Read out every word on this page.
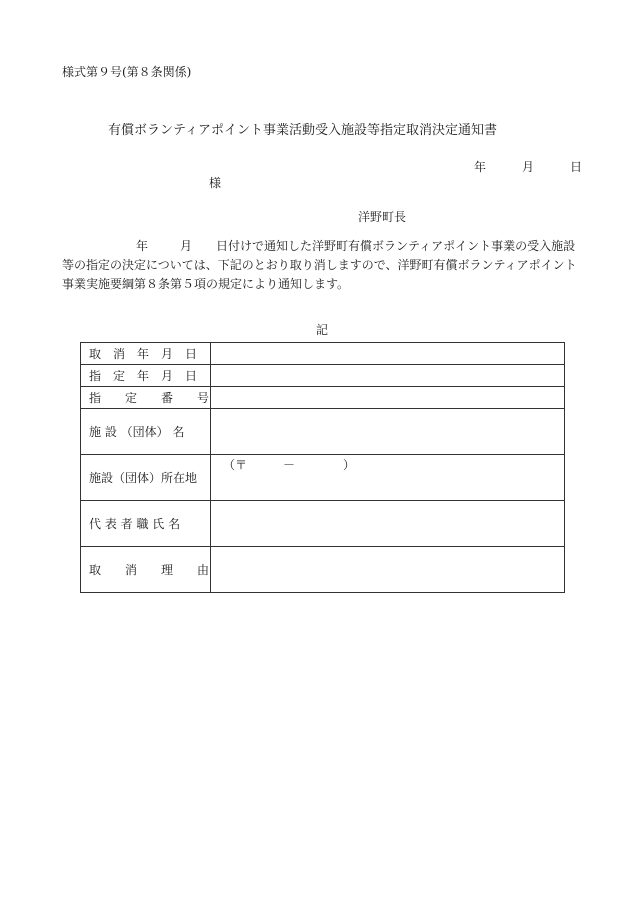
様式第９号(第８条関係)
有償ボランティアポイント事業活動受入施設等指定取消決定通知書
年	月	日
様
洋野町長
年	月 日付けで通知した洋野町有償ボランティアポイント事業の受入施設
等の指定の決定については、下記のとおり取り消しますので、洋野町有償ボランティアポイント
事業実施要綱第８条第５項の規定により通知します。
記
取　消　年　月　日	
指　定　年　月　日	
指　　定　　番　　号	
施 設 （団体） 名	
施設（団体）所在地	（〒　　　－　　　　）

代 表 者 職 氏 名	
取　　消　　理　　由	
